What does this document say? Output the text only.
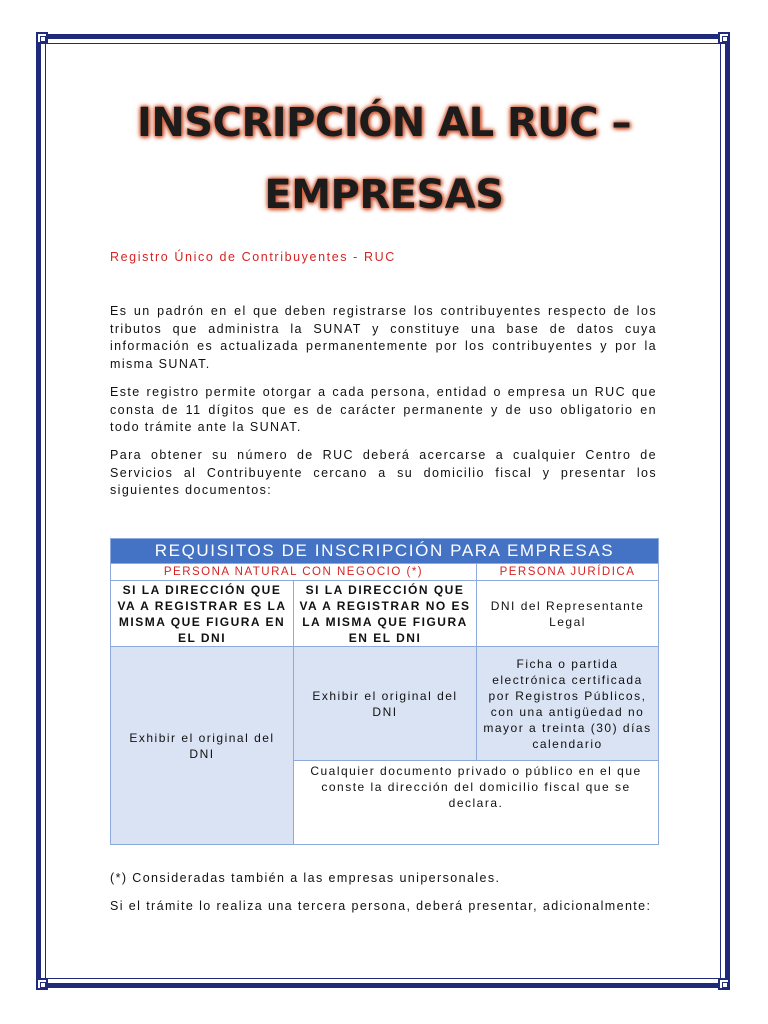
INSCRIPCIÓN AL RUC –
EMPRESAS
Registro Único de Contribuyentes - RUC

Es un padrón en el que deben registrarse los contribuyentes respecto de los tributos que administra la SUNAT y constituye una base de datos cuya información es actualizada permanentemente por los contribuyentes y por la misma SUNAT.

Este registro permite otorgar a cada persona, entidad o empresa un RUC que consta de 11 dígitos que es de carácter permanente y de uso obligatorio en todo trámite ante la SUNAT.

Para obtener su número de RUC deberá acercarse a cualquier Centro de Servicios al Contribuyente cercano a su domicilio fiscal y presentar los siguientes documentos:

REQUISITOS DE INSCRIPCIÓN PARA EMPRESAS		
PERSONA NATURAL CON NEGOCIO (*)		PERSONA JURÍDICA
SI LA DIRECCIÓN QUE VA A REGISTRAR ES LA MISMA QUE FIGURA EN EL DNI	SI LA DIRECCIÓN QUE VA A REGISTRAR NO ES LA MISMA QUE FIGURA EN EL DNI	DNI del Representante Legal
Exhibir el original del DNI	Exhibir el original del DNI	Ficha o partida electrónica certificada por Registros Públicos, con una antigüedad no mayor a treinta (30) días calendario
	Cualquier documento privado o público en el que conste la dirección del domicilio fiscal que se declara.	
(*) Consideradas también a las empresas unipersonales.

Si el trámite lo realiza una tercera persona, deberá presentar, adicionalmente:
